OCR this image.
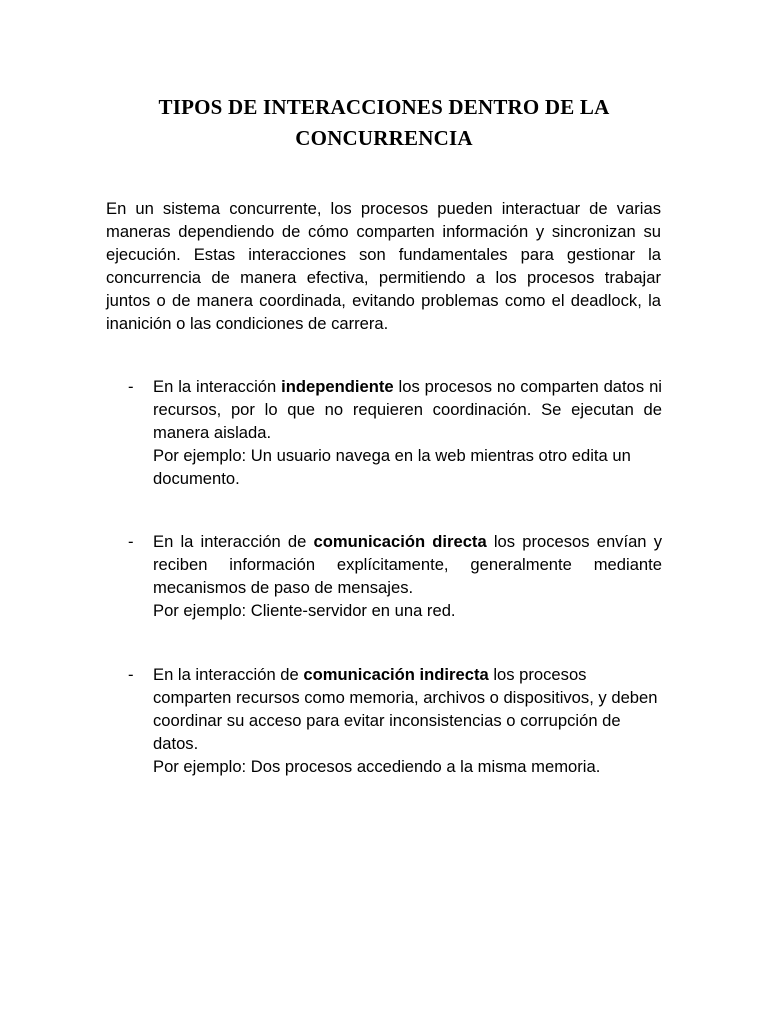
TIPOS DE INTERACCIONES DENTRO DE LA CONCURRENCIA

En un sistema concurrente, los procesos pueden interactuar de varias maneras dependiendo de cómo comparten información y sincronizan su ejecución. Estas interacciones son fundamentales para gestionar la concurrencia de manera efectiva, permitiendo a los procesos trabajar juntos o de manera coordinada, evitando problemas como el deadlock, la inanición o las condiciones de carrera.

- En la interacción independiente los procesos no comparten datos ni recursos, por lo que no requieren coordinación. Se ejecutan de manera aislada.

Por ejemplo: Un usuario navega en la web mientras otro edita un documento.

- En la interacción de comunicación directa los procesos envían y reciben información explícitamente, generalmente mediante mecanismos de paso de mensajes.

Por ejemplo: Cliente-servidor en una red.

- En la interacción de comunicación indirecta los procesos comparten recursos como memoria, archivos o dispositivos, y deben coordinar su acceso para evitar inconsistencias o corrupción de datos.

Por ejemplo: Dos procesos accediendo a la misma memoria.
